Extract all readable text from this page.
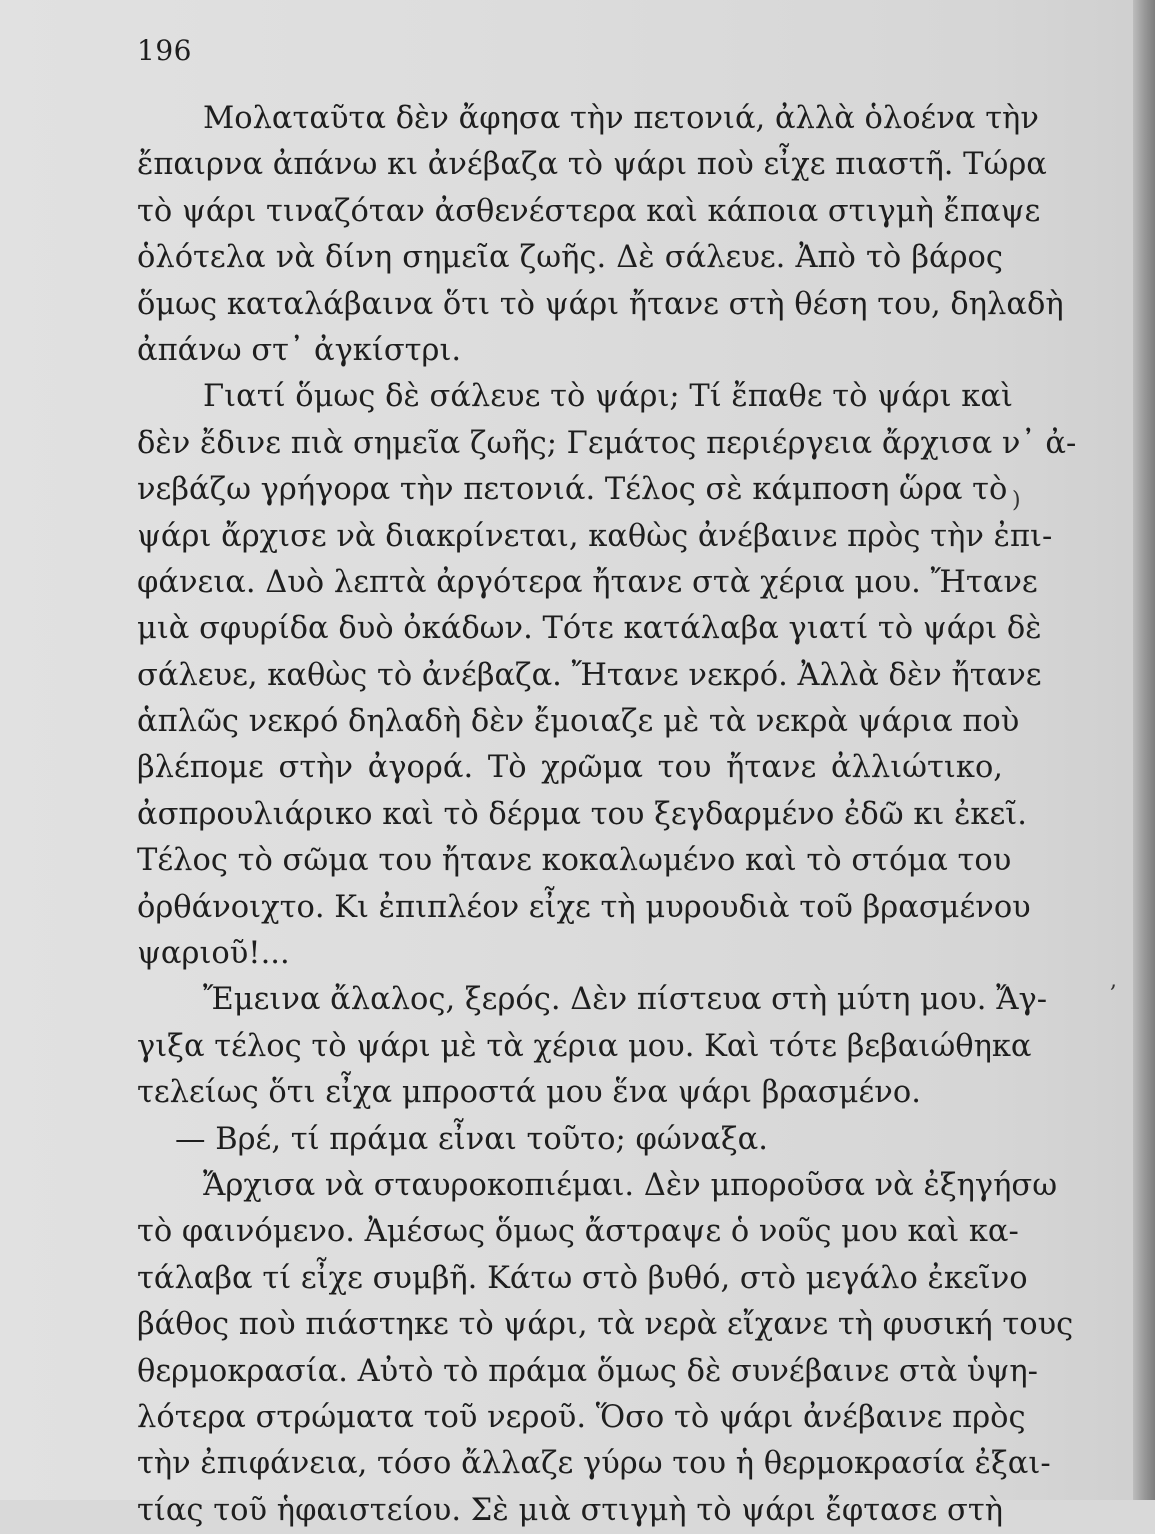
196
Μολαταῦτα δὲν ἄφησα τὴν πετονιά, ἀλλὰ ὁλοένα τὴν
ἔπαιρνα ἀπάνω κι ἀνέβαζα τὸ ψάρι ποὺ εἶχε πιαστῆ. Τώρα
τὸ ψάρι τιναζόταν ἀσθενέστερα καὶ κάποια στιγμὴ ἔπαψε
ὁλότελα νὰ δίνη σημεῖα ζωῆς. Δὲ σάλευε. Ἀπὸ τὸ βάρος
ὅμως καταλάβαινα ὅτι τὸ ψάρι ἤτανε στὴ θέση του, δηλαδὴ
ἀπάνω στ᾽ ἀγκίστρι.
Γιατί ὅμως δὲ σάλευε τὸ ψάρι; Τί ἔπαθε τὸ ψάρι καὶ
δὲν ἔδινε πιὰ σημεῖα ζωῆς; Γεμάτος περιέργεια ἄρχισα ν᾽ ἀ-
νεβάζω γρήγορα τὴν πετονιά. Τέλος σὲ κάμποση ὥρα τὸ
ψάρι ἄρχισε νὰ διακρίνεται, καθὼς ἀνέβαινε πρὸς τὴν ἐπι-
φάνεια. Δυὸ λεπτὰ ἀργότερα ἤτανε στὰ χέρια μου. Ἤτανε
μιὰ σφυρίδα δυὸ ὀκάδων. Τότε κατάλαβα γιατί τὸ ψάρι δὲ
σάλευε, καθὼς τὸ ἀνέβαζα. Ἤτανε νεκρό. Ἀλλὰ δὲν ἤτανε
ἁπλῶς νεκρό δηλαδὴ δὲν ἔμοιαζε μὲ τὰ νεκρὰ ψάρια ποὺ
βλέπομε στὴν ἀγορά. Τὸ χρῶμα του ἤτανε ἀλλιώτικο,
ἀσπρουλιάρικο καὶ τὸ δέρμα του ξεγδαρμένο ἐδῶ κι ἐκεῖ.
Τέλος τὸ σῶμα του ἤτανε κοκαλωμένο καὶ τὸ στόμα του
ὀρθάνοιχτο. Κι ἐπιπλέον εἶχε τὴ μυρουδιὰ τοῦ βρασμένου
ψαριοῦ!...
Ἔμεινα ἄλαλος, ξερός. Δὲν πίστευα στὴ μύτη μου. Ἄγ-
γιξα τέλος τὸ ψάρι μὲ τὰ χέρια μου. Καὶ τότε βεβαιώθηκα
τελείως ὅτι εἶχα μπροστά μου ἕνα ψάρι βρασμένο.
— Βρέ, τί πράμα εἶναι τοῦτο; φώναξα.
Ἄρχισα νὰ σταυροκοπιέμαι. Δὲν μποροῦσα νὰ ἐξηγήσω
τὸ φαινόμενο. Ἀμέσως ὅμως ἄστραψε ὁ νοῦς μου καὶ κα-
τάλαβα τί εἶχε συμβῆ. Κάτω στὸ βυθό, στὸ μεγάλο ἐκεῖνο
βάθος ποὺ πιάστηκε τὸ ψάρι, τὰ νερὰ εἴχανε τὴ φυσική τους
θερμοκρασία. Αὐτὸ τὸ πράμα ὅμως δὲ συνέβαινε στὰ ὑψη-
λότερα στρώματα τοῦ νεροῦ. Ὅσο τὸ ψάρι ἀνέβαινε πρὸς
τὴν ἐπιφάνεια, τόσο ἄλλαζε γύρω του ἡ θερμοκρασία ἐξαι-
τίας τοῦ ἡφαιστείου. Σὲ μιὰ στιγμὴ τὸ ψάρι ἔφτασε στὴ
)
,
